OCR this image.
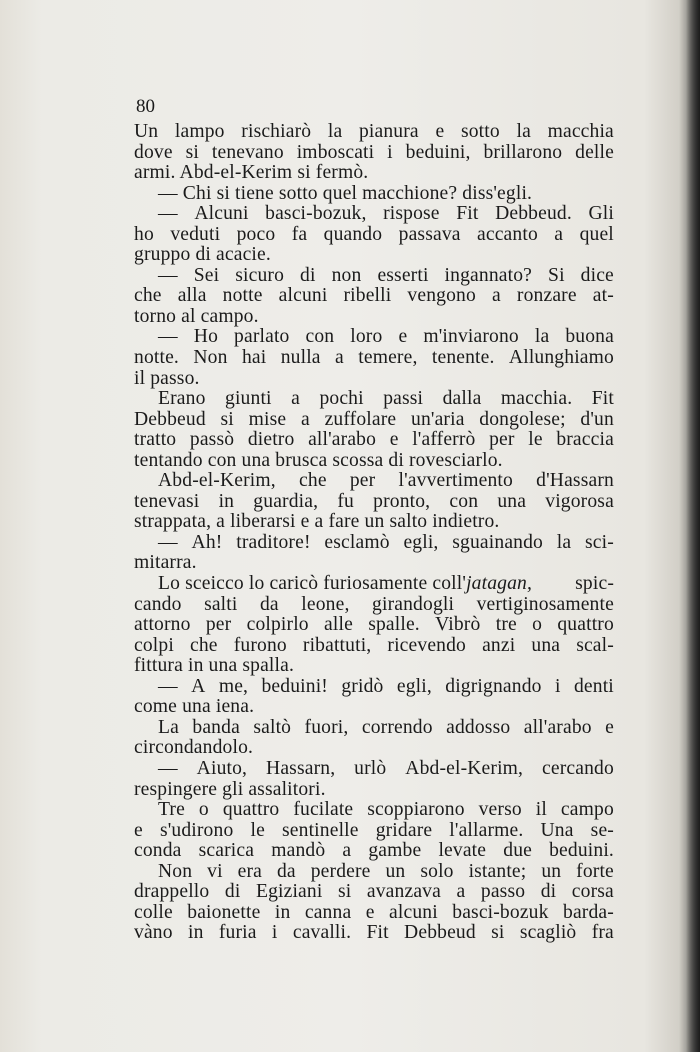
80
Un lampo rischiarò la pianura e sotto la macchia
dove si tenevano imboscati i beduini, brillarono delle
armi. Abd-el-Kerim si fermò.
— Chi si tiene sotto quel macchione? diss'egli.
— Alcuni basci-bozuk, rispose Fit Debbeud. Gli
ho veduti poco fa quando passava accanto a quel
gruppo di acacie.
— Sei sicuro di non esserti ingannato? Si dice
che alla notte alcuni ribelli vengono a ronzare at-
torno al campo.
— Ho parlato con loro e m'inviarono la buona
notte. Non hai nulla a temere, tenente. Allunghiamo
il passo.
Erano giunti a pochi passi dalla macchia. Fit
Debbeud si mise a zuffolare un'aria dongolese; d'un
tratto passò dietro all'arabo e l'afferrò per le braccia
tentando con una brusca scossa di rovesciarlo.
Abd-el-Kerim, che per l'avvertimento d'Hassarn
tenevasi in guardia, fu pronto, con una vigorosa
strappata, a liberarsi e a fare un salto indietro.
— Ah! traditore! esclamò egli, sguainando la sci-
mitarra.
Lo sceicco lo caricò furiosamente coll'jatagan, spic-
cando salti da leone, girandogli vertiginosamente
attorno per colpirlo alle spalle. Vibrò tre o quattro
colpi che furono ribattuti, ricevendo anzi una scal-
fittura in una spalla.
— A me, beduini! gridò egli, digrignando i denti
come una iena.
La banda saltò fuori, correndo addosso all'arabo e
circondandolo.
— Aiuto, Hassarn, urlò Abd-el-Kerim, cercando
respingere gli assalitori.
Tre o quattro fucilate scoppiarono verso il campo
e s'udirono le sentinelle gridare l'allarme. Una se-
conda scarica mandò a gambe levate due beduini.
Non vi era da perdere un solo istante; un forte
drappello di Egiziani si avanzava a passo di corsa
colle baionette in canna e alcuni basci-bozuk barda-
vàno in furia i cavalli. Fit Debbeud si scagliò fra
